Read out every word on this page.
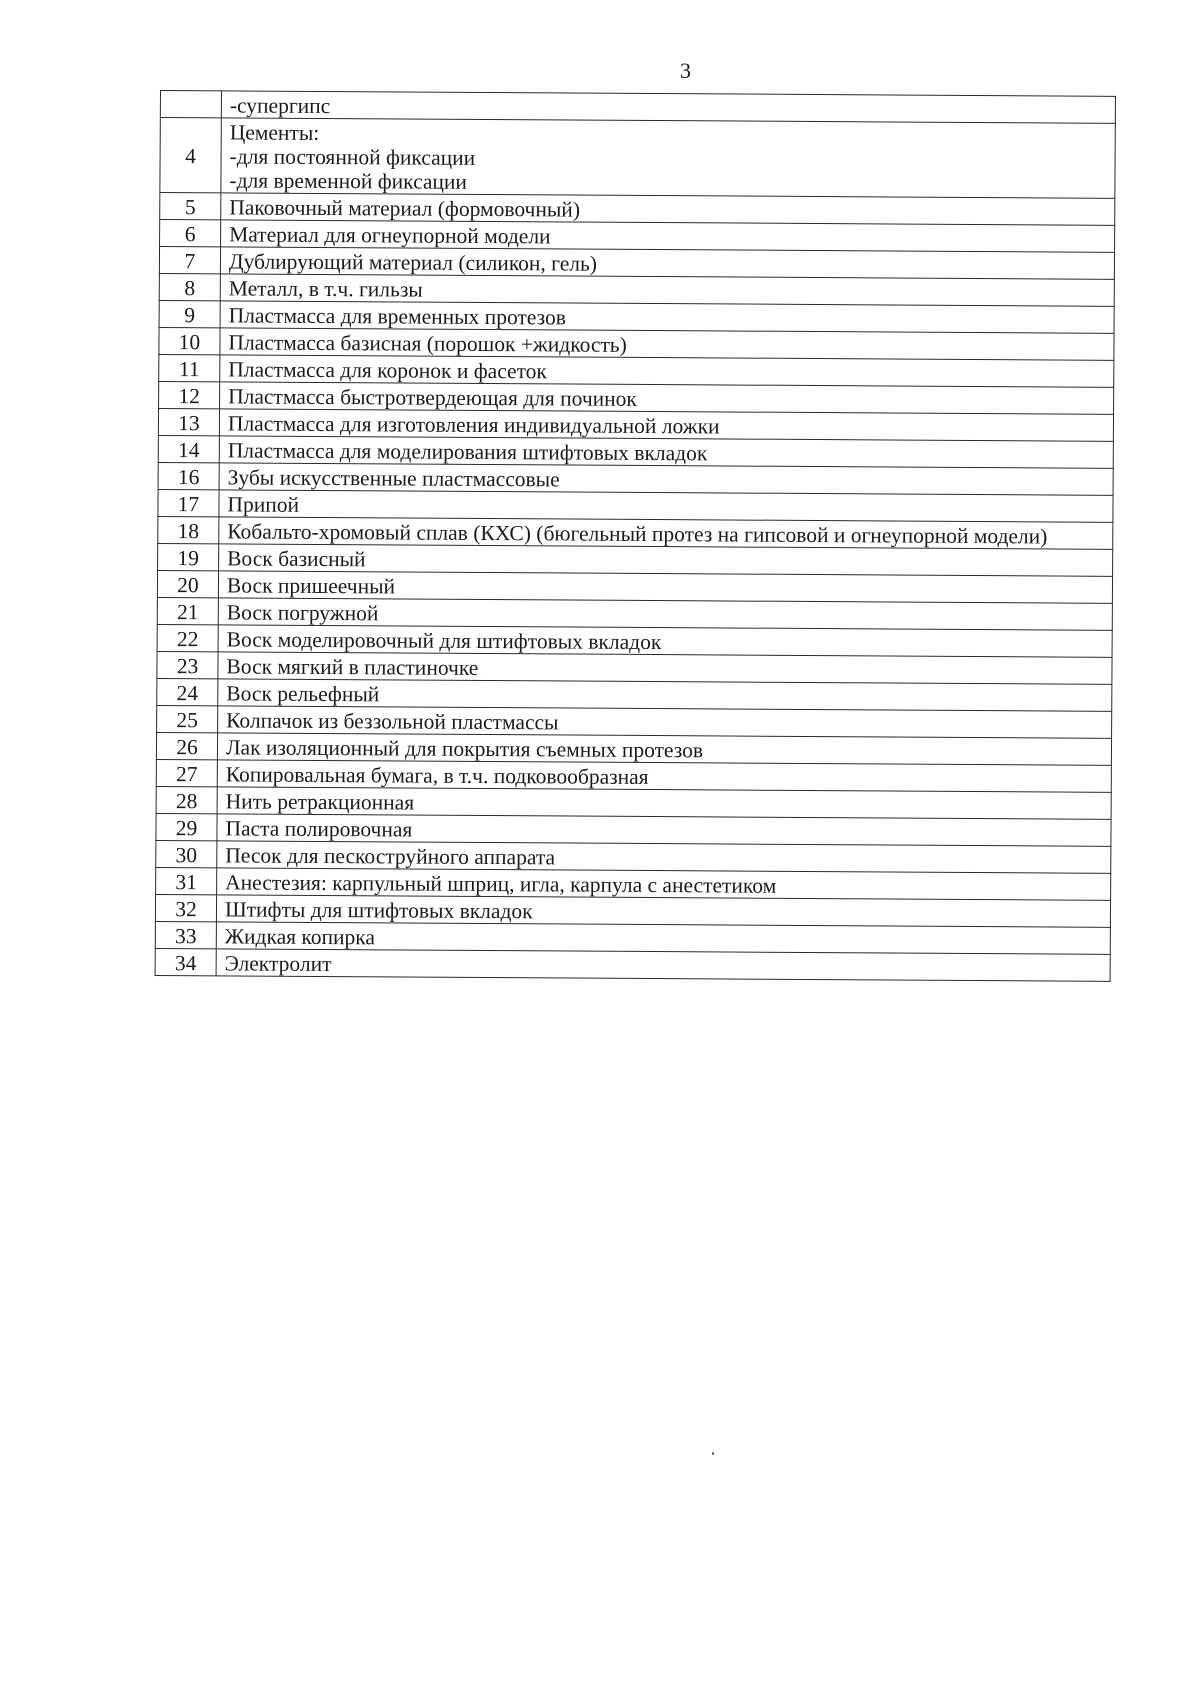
3

	-супергипс

4	Цементы:
-для постоянной фиксации
-для временной фиксации

5	Паковочный материал (формовочный)

6	Материал для огнеупорной модели

7	Дублирующий материал (силикон, гель)

8	Металл, в т.ч. гильзы

9	Пластмасса для временных протезов

10	Пластмасса базисная (порошок +жидкость)

11	Пластмасса для коронок и фасеток

12	Пластмасса быстротвердеющая для починок

13	Пластмасса для изготовления индивидуальной ложки

14	Пластмасса для моделирования штифтовых вкладок

16	Зубы искусственные пластмассовые

17	Припой

18	Кобальто-хромовый сплав (КХС) (бюгельный протез на гипсовой и огнеупорной модели)

19	Воск базисный

20	Воск пришеечный

21	Воск погружной

22	Воск моделировочный для штифтовых вкладок

23	Воск мягкий в пластиночке

24	Воск рельефный

25	Колпачок из беззольной пластмассы

26	Лак изоляционный для покрытия съемных протезов

27	Копировальная бумага, в т.ч. подковообразная

28	Нить ретракционная

29	Паста полировочная

30	Песок для пескоструйного аппарата

31	Анестезия: карпульный шприц, игла, карпула с анестетиком

32	Штифты для штифтовых вкладок

33	Жидкая копирка

34	Электролит
